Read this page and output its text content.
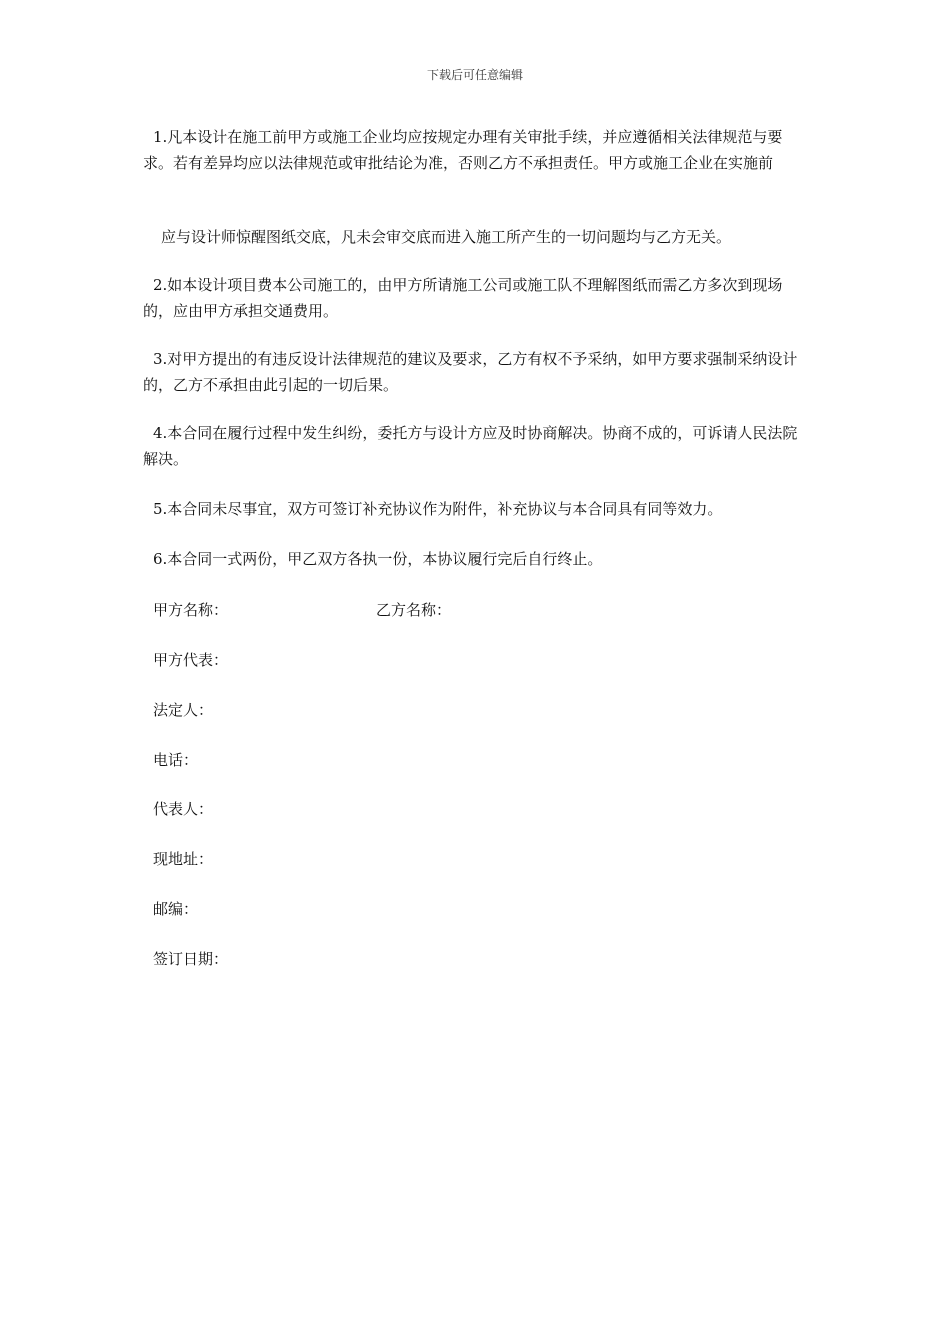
下载后可任意编辑

1.凡本设计在施工前甲方或施工企业均应按规定办理有关审批手续，并应遵循相关法律规范与要求。若有差异均应以法律规范或审批结论为准，否则乙方不承担责任。甲方或施工企业在实施前

应与设计师惊醒图纸交底，凡未会审交底而进入施工所产生的一切问题均与乙方无关。

2.如本设计项目费本公司施工的，由甲方所请施工公司或施工队不理解图纸而需乙方多次到现场的，应由甲方承担交通费用。

3.对甲方提出的有违反设计法律规范的建议及要求，乙方有权不予采纳，如甲方要求强制采纳设计的，乙方不承担由此引起的一切后果。

4.本合同在履行过程中发生纠纷，委托方与设计方应及时协商解决。协商不成的，可诉请人民法院解决。

5.本合同未尽事宜，双方可签订补充协议作为附件，补充协议与本合同具有同等效力。

6.本合同一式两份，甲乙双方各执一份，本协议履行完后自行终止。

甲方名称：	乙方名称：
甲方代表：
法定人：
电话：
代表人：
现地址：
邮编：
签订日期：
